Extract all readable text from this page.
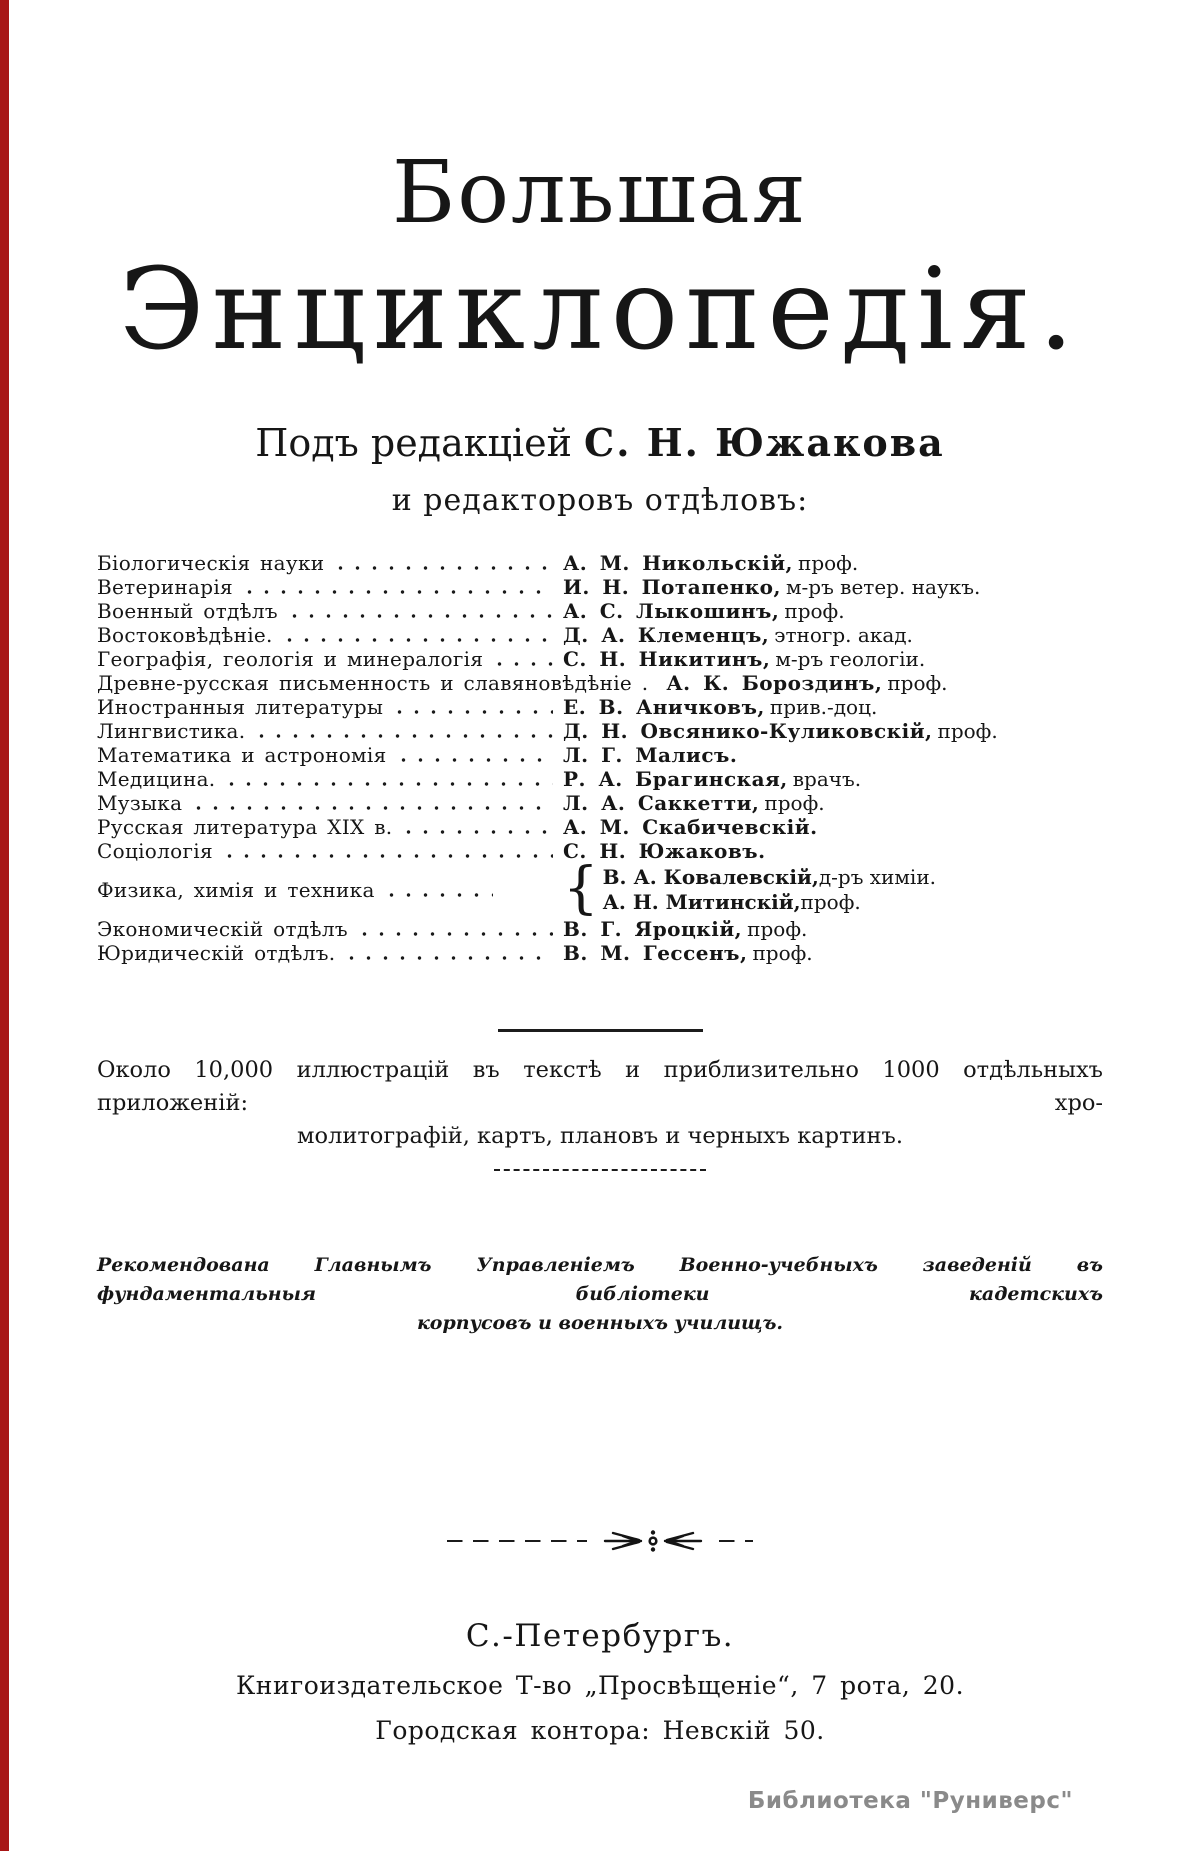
Большая
Энциклопедія.
Подъ редакціей С. Н. Южакова
и редакторовъ отдѣловъ:
Біологическія науки	А. М. Никольскій, проф.
Ветеринарія	И. Н. Потапенко, м-ръ ветер. наукъ.
Военный отдѣлъ	А. С. Лыкошинъ, проф.
Востоковѣдѣніе.	Д. А. Клеменцъ, этногр. акад.
Географія, геологія и минералогія	С. Н. Никитинъ, м-ръ геологіи.
Древне-русская письменность и славяновѣдѣніе . А. К. Бороздинъ, проф.
Иностранныя литературы	Е. В. Аничковъ, прив.-доц.
Лингвистика.	Д. Н. Овсянико-Куликовскій, проф.
Математика и астрономія	Л. Г. Малисъ.
Медицина.	Р. А. Брагинская, врачъ.
Музыка	Л. А. Саккетти, проф.
Русская литература XIX в.	А. М. Скабичевскій.
Соціологія	С. Н. Южаковъ.
Физика, химія и техника	{ В. А. Ковалевскій,д-ръ химіи.
А. Н. Митинскій,проф.
Экономическій отдѣлъ	В. Г. Яроцкій, проф.
Юридическій отдѣлъ.	В. М. Гессенъ, проф.
Около 10,000 иллюстрацій въ текстѣ и приблизительно 1000 отдѣльныхъ приложеній: хро-
молитографій, картъ, плановъ и черныхъ картинъ.
Рекомендована Главнымъ Управленіемъ Военно-учебныхъ заведеній въ фундаментальныя библіотеки кадетскихъ
корпусовъ и военныхъ училищъ.
С.-Петербургъ.
Книгоиздательское Т-во „Просвѣщеніе“, 7 рота, 20.
Городская контора: Невскій 50.
Библиотека "Руниверс"
